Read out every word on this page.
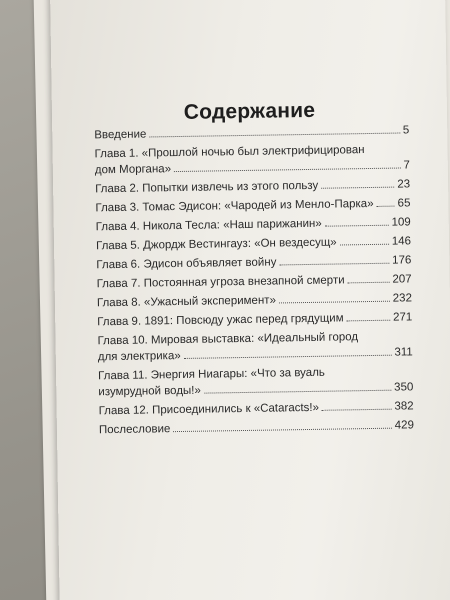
Содержание
Введение	5
Глава 1. «Прошлой ночью был электрифицирован
дом Моргана»	7
Глава 2. Попытки извлечь из этого пользу	23
Глава 3. Томас Эдисон: «Чародей из Менло-Парка» 65
Глава 4. Никола Тесла: «Наш парижанин»	109
Глава 5. Джордж Вестингауз: «Он вездесущ»	146
Глава 6. Эдисон объявляет войну	176
Глава 7. Постоянная угроза внезапной смерти	207
Глава 8. «Ужасный эксперимент»	232
Глава 9. 1891: Повсюду ужас перед грядущим	271
Глава 10. Мировая выставка: «Идеальный город
для электрика»	311
Глава 11. Энергия Ниагары: «Что за вуаль
изумрудной воды!»	350
Глава 12. Присоединились к «Cataracts!»	382
Послесловие	429
